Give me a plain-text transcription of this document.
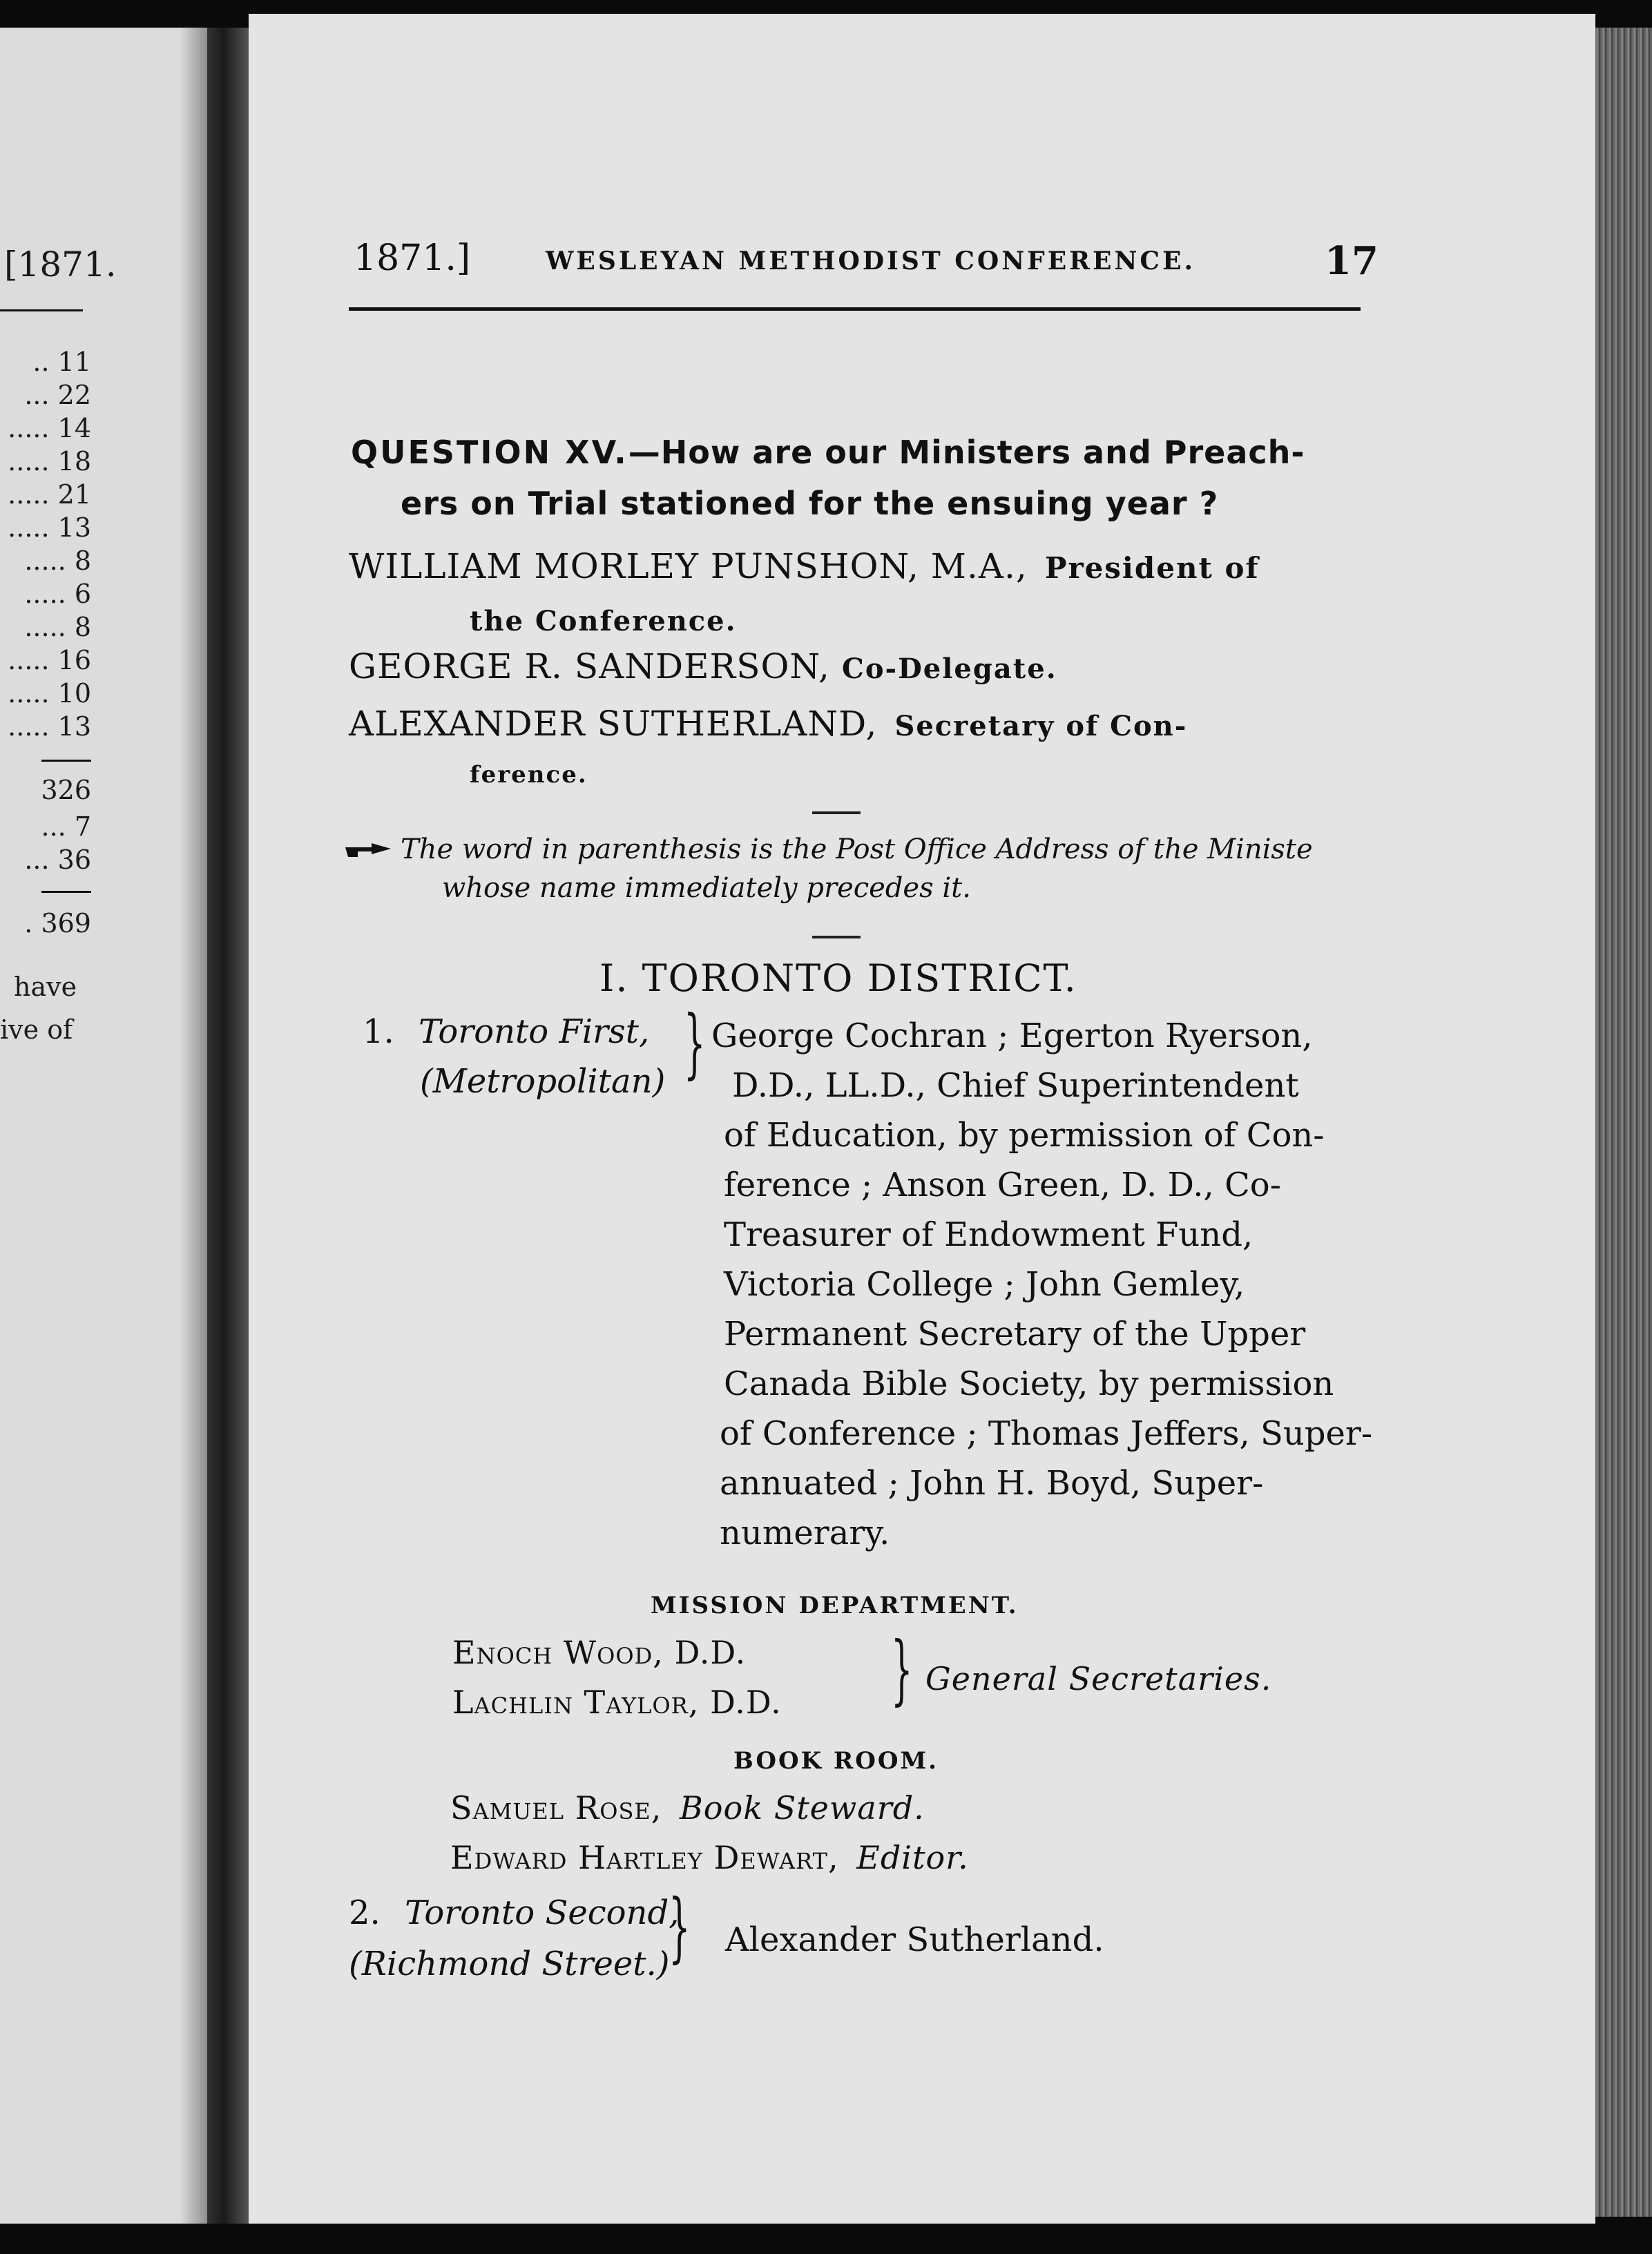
[1871.
.. 11
... 22
..... 14
..... 18
..... 21
..... 13
..... 8
..... 6
..... 8
..... 16
..... 10
..... 13
326
... 7
... 36
. 369
have
ive of
1871.]	WESLEYAN METHODIST CONFERENCE.	17
QUESTION XV.—How are our Ministers and Preach-
ers on Trial stationed for the ensuing year ?
WILLIAM MORLEY PUNSHON, M.A., President of
the Conference.
GEORGE R. SANDERSON, Co-Delegate.
ALEXANDER SUTHERLAND, Secretary of Con-
ference.
The word in parenthesis is the Post Office Address of the Ministe
whose name immediately precedes it.
I. TORONTO DISTRICT.
1. Toronto First,
(Metropolitan) } George Cochran ; Egerton Ryerson,
D.D., LL.D., Chief Superintendent
of Education, by permission of Con-
ference ; Anson Green, D. D., Co-
Treasurer of Endowment Fund,
Victoria College ; John Gemley,
Permanent Secretary of the Upper
Canada Bible Society, by permission
of Conference ; Thomas Jeffers, Super-
annuated ; John H. Boyd, Super-
numerary.
MISSION DEPARTMENT.
Enoch Wood, D.D.
Lachlin Taylor, D.D. } General Secretaries.
BOOK ROOM.
Samuel Rose, Book Steward.
Edward Hartley Dewart, Editor.
2. Toronto Second,
(Richmond Street.)
} Alexander Sutherland.
